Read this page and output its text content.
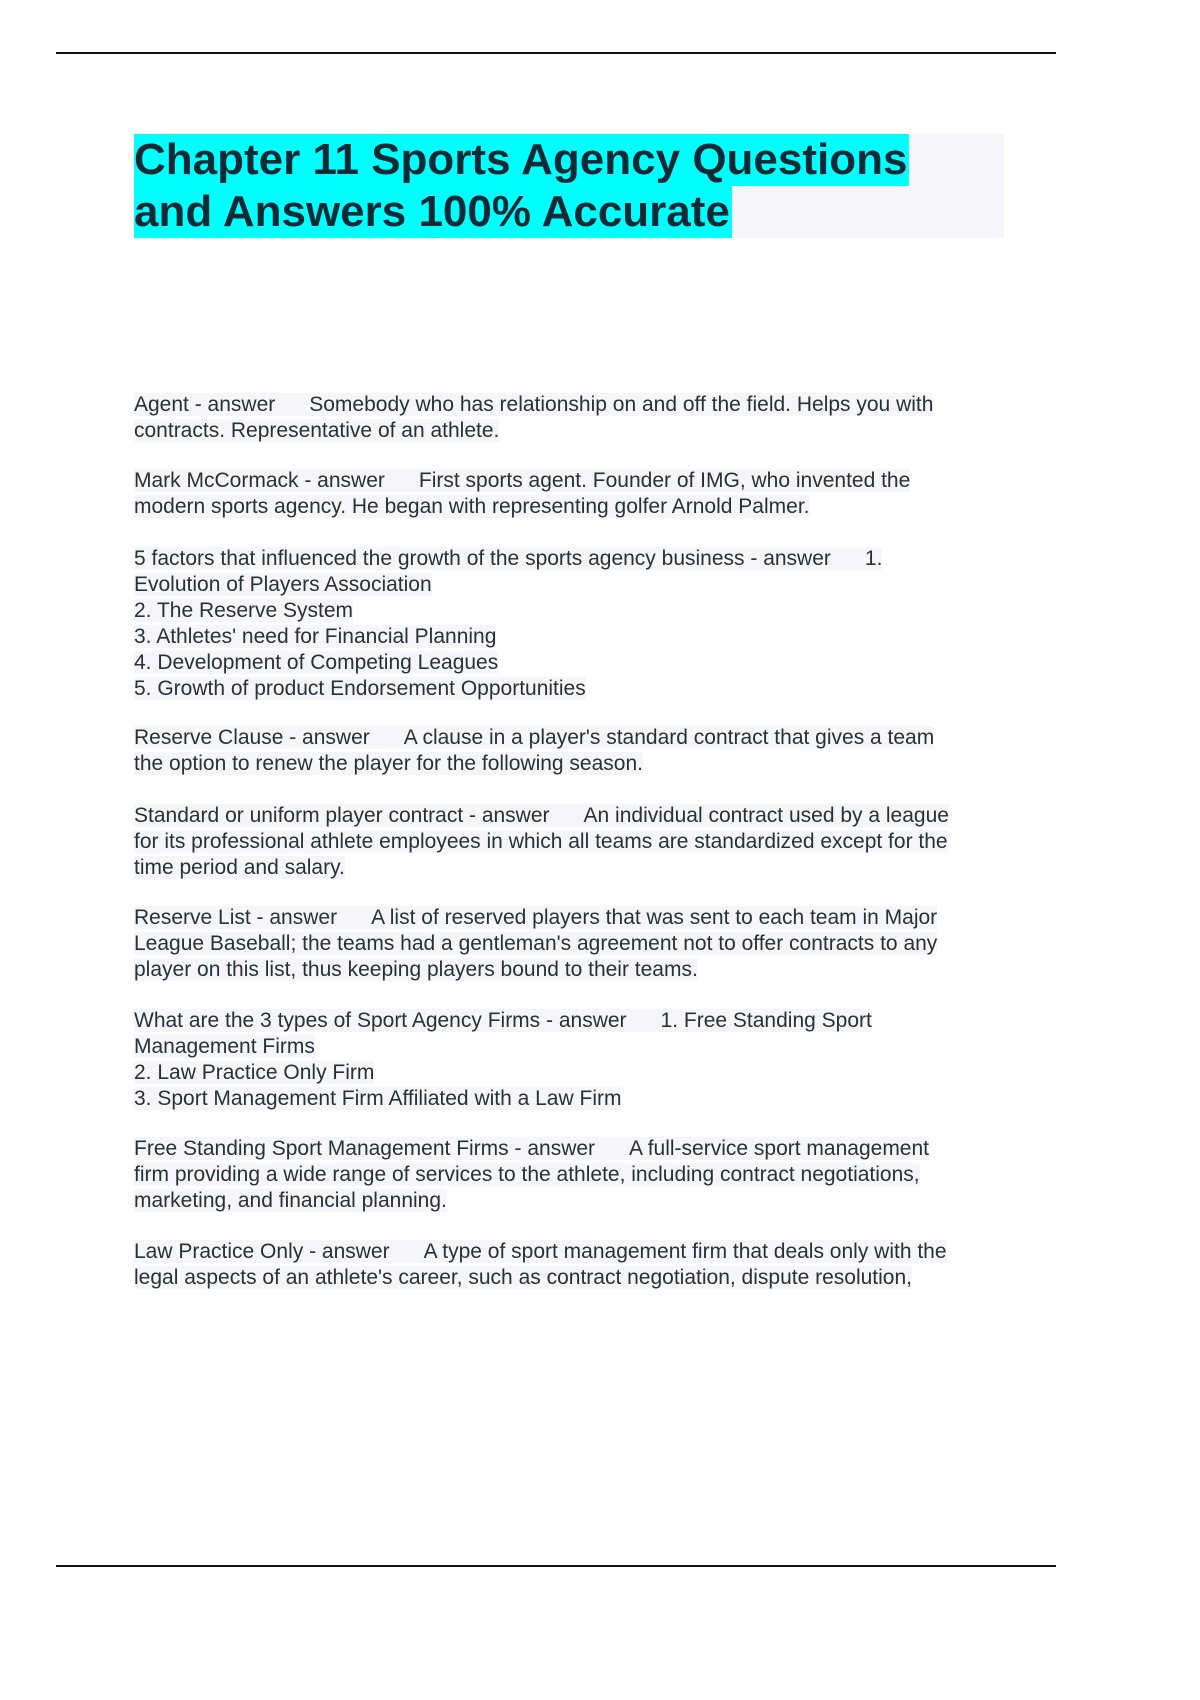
Chapter 11 Sports Agency Questions
and Answers 100% Accurate
Agent - answer Somebody who has relationship on and off the field. Helps you with
contracts. Representative of an athlete.
Mark McCormack - answer First sports agent. Founder of IMG, who invented the
modern sports agency. He began with representing golfer Arnold Palmer.
5 factors that influenced the growth of the sports agency business - answer 1.
Evolution of Players Association
2. The Reserve System
3. Athletes' need for Financial Planning
4. Development of Competing Leagues
5. Growth of product Endorsement Opportunities
Reserve Clause - answer A clause in a player's standard contract that gives a team
the option to renew the player for the following season.
Standard or uniform player contract - answer An individual contract used by a league
for its professional athlete employees in which all teams are standardized except for the
time period and salary.
Reserve List - answer A list of reserved players that was sent to each team in Major
League Baseball; the teams had a gentleman's agreement not to offer contracts to any
player on this list, thus keeping players bound to their teams.
What are the 3 types of Sport Agency Firms - answer 1. Free Standing Sport
Management Firms
2. Law Practice Only Firm
3. Sport Management Firm Affiliated with a Law Firm
Free Standing Sport Management Firms - answer A full-service sport management
firm providing a wide range of services to the athlete, including contract negotiations,
marketing, and financial planning.
Law Practice Only - answer A type of sport management firm that deals only with the
legal aspects of an athlete's career, such as contract negotiation, dispute resolution,
